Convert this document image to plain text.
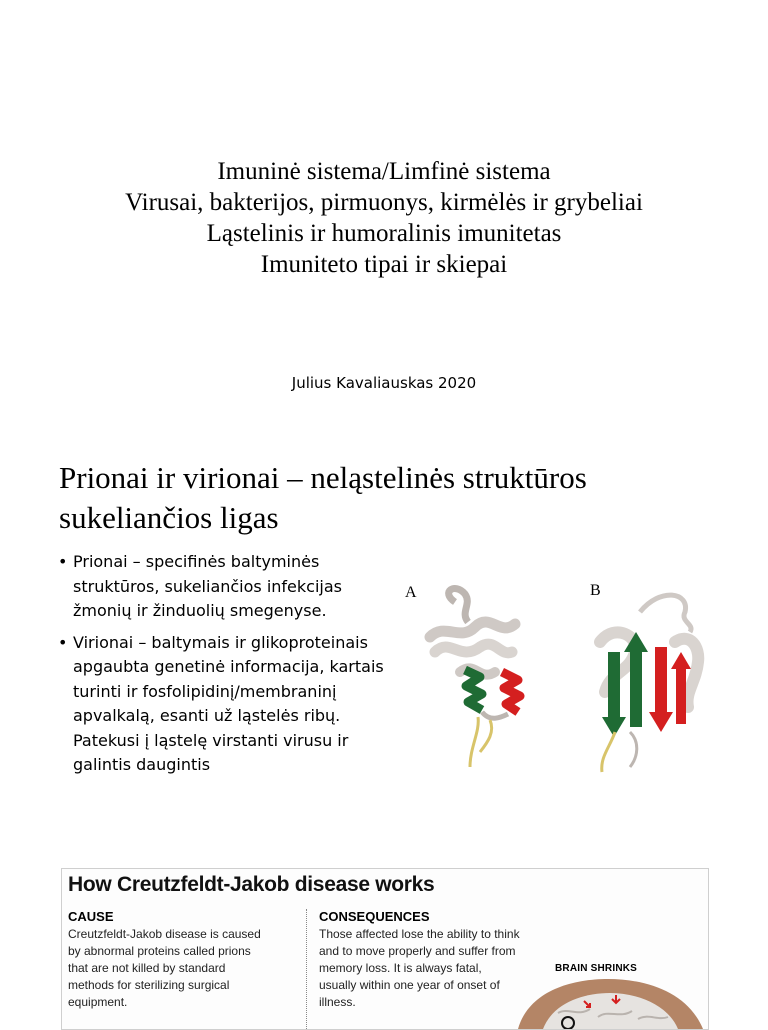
Imuninė sistema/Limfinė sistema
Virusai, bakterijos, pirmuonys, kirmėlės ir grybeliai
Ląstelinis ir humoralinis imunitetas
Imuniteto tipai ir skiepai
Julius Kavaliauskas 2020
Prionai ir virionai – neląstelinės struktūros
sukeliančios ligas
• Prionai – specifinės baltyminės struktūros, sukeliančios infekcijas žmonių ir žinduolių smegenyse.
• Virionai – baltymais ir glikoproteinais apgaubta genetinė informacija, kartais turinti ir fosfolipidinį/membraninį apvalkalą, esanti už ląstelės ribų. Patekusi į ląstelę virstanti virusu ir galintis daugintis
A	B
How Creutzfeldt-Jakob disease works
CAUSE
Creutzfeldt-Jakob disease is caused
by abnormal proteins called prions
that are not killed by standard
methods for sterilizing surgical
equipment.
CONSEQUENCES
Those affected lose the ability to think
and to move properly and suffer from
memory loss. It is always fatal,
usually within one year of onset of
illness.
BRAIN SHRINKS
